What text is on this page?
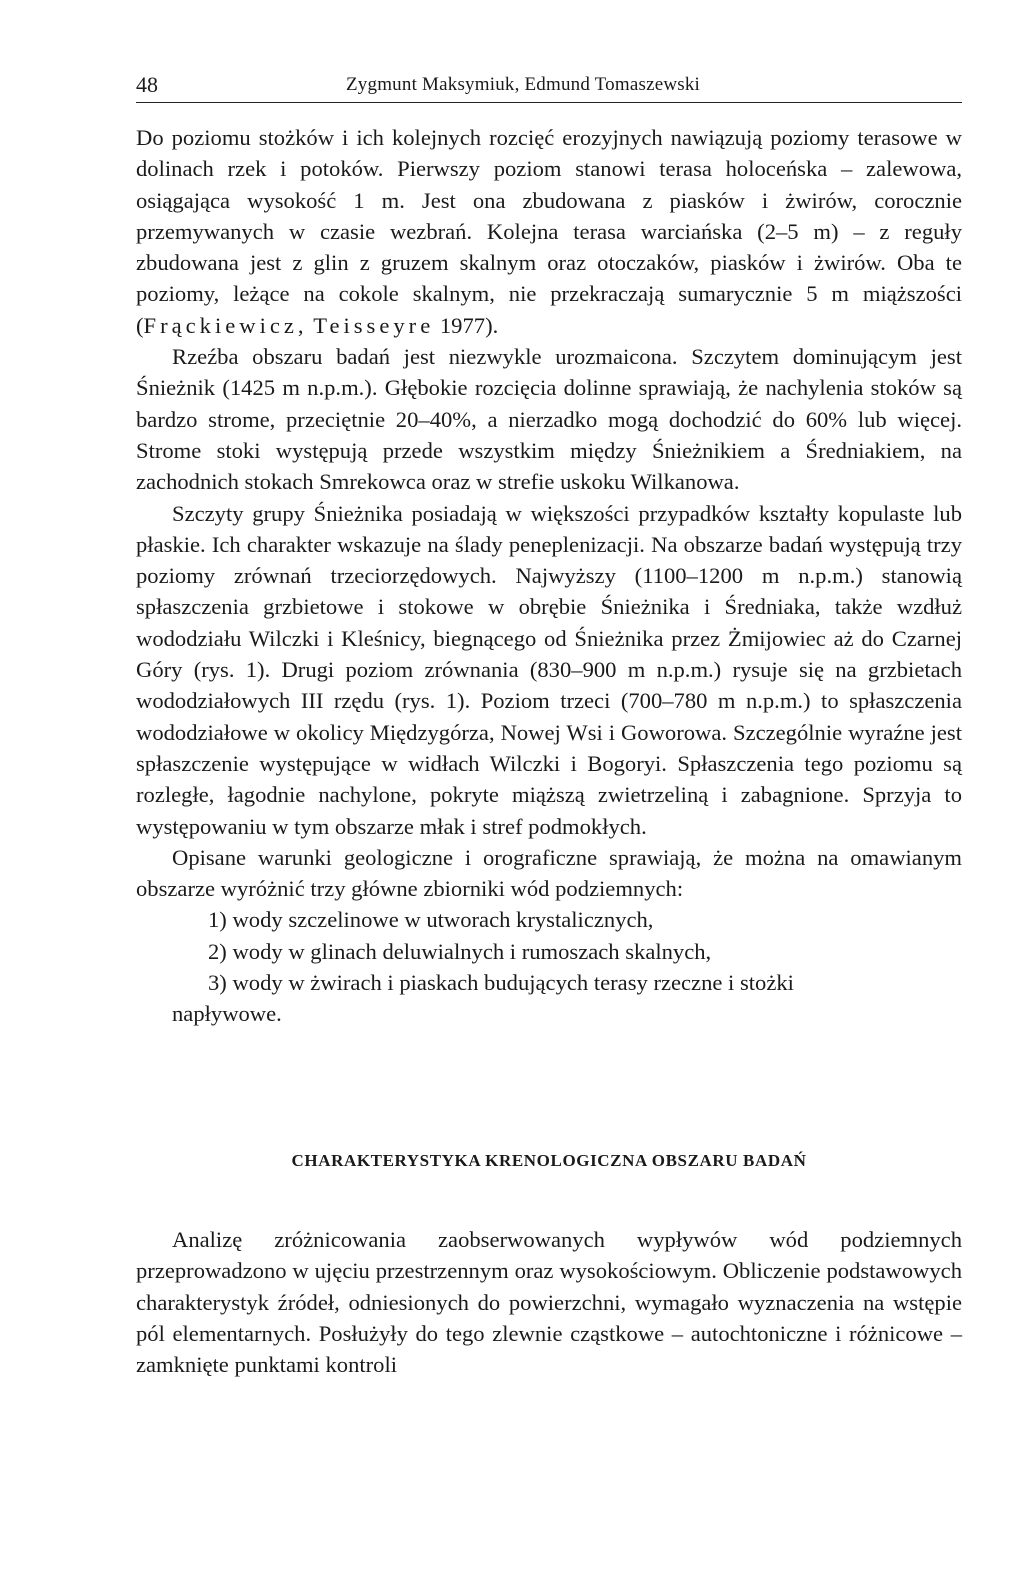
48	Zygmunt Maksymiuk, Edmund Tomaszewski

Do poziomu stożków i ich kolejnych rozcięć erozyjnych nawiązują poziomy terasowe w dolinach rzek i potoków. Pierwszy poziom stanowi terasa holoceńska – zalewowa, osiągająca wysokość 1 m. Jest ona zbudowana z piasków i żwirów, corocznie przemywanych w czasie wezbrań. Kolejna terasa warciańska (2–5 m) – z reguły zbudowana jest z glin z gruzem skalnym oraz otoczaków, piasków i żwirów. Oba te poziomy, leżące na cokole skalnym, nie przekraczają sumarycznie 5 m miąższości (Frąckiewicz, Teisseyre 1977).

Rzeźba obszaru badań jest niezwykle urozmaicona. Szczytem dominującym jest Śnieżnik (1425 m n.p.m.). Głębokie rozcięcia dolinne sprawiają, że nachylenia stoków są bardzo strome, przeciętnie 20–40%, a nierzadko mogą dochodzić do 60% lub więcej. Strome stoki występują przede wszystkim między Śnieżnikiem a Średniakiem, na zachodnich stokach Smrekowca oraz w strefie uskoku Wilkanowa.

Szczyty grupy Śnieżnika posiadają w większości przypadków kształty kopulaste lub płaskie. Ich charakter wskazuje na ślady peneplenizacji. Na obszarze badań występują trzy poziomy zrównań trzeciorzędowych. Najwyższy (1100–1200 m n.p.m.) stanowią spłaszczenia grzbietowe i stokowe w obrębie Śnieżnika i Średniaka, także wzdłuż wododziału Wilczki i Kleśnicy, biegnącego od Śnieżnika przez Żmijowiec aż do Czarnej Góry (rys. 1). Drugi poziom zrównania (830–900 m n.p.m.) rysuje się na grzbietach wododziałowych III rzędu (rys. 1). Poziom trzeci (700–780 m n.p.m.) to spłaszczenia wododziałowe w okolicy Międzygórza, Nowej Wsi i Goworowa. Szczególnie wyraźne jest spłaszczenie występujące w widłach Wilczki i Bogoryi. Spłaszczenia tego poziomu są rozległe, łagodnie nachylone, pokryte miąższą zwietrzeliną i zabagnione. Sprzyja to występowaniu w tym obszarze młak i stref podmokłych.

Opisane warunki geologiczne i orograficzne sprawiają, że można na omawianym obszarze wyróżnić trzy główne zbiorniki wód podziemnych:

1) wody szczelinowe w utworach krystalicznych,

2) wody w glinach deluwialnych i rumoszach skalnych,

3) wody w żwirach i piaskach budujących terasy rzeczne i stożki

napływowe.

CHARAKTERYSTYKA KRENOLOGICZNA OBSZARU BADAŃ

Analizę zróżnicowania zaobserwowanych wypływów wód podziemnych przeprowadzono w ujęciu przestrzennym oraz wysokościowym. Obliczenie podstawowych charakterystyk źródeł, odniesionych do powierzchni, wymagało wyznaczenia na wstępie pól elementarnych. Posłużyły do tego zlewnie cząstkowe – autochtoniczne i różnicowe – zamknięte punktami kontroli
